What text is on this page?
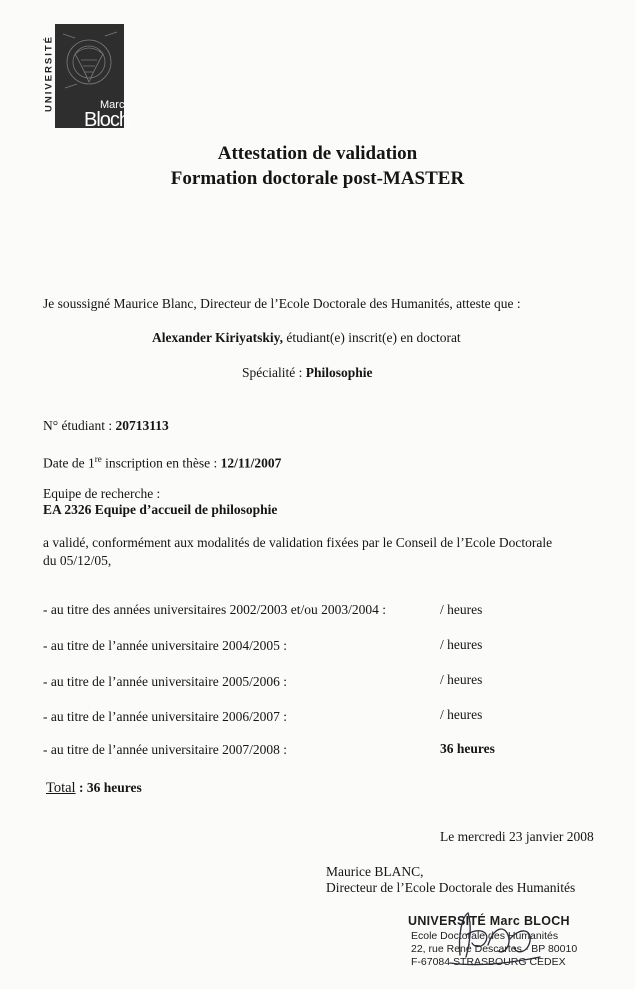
UNIVERSITÉ	Marc
Bloch
Attestation de validation
Formation doctorale post-MASTER
Je soussigné Maurice Blanc, Directeur de l’Ecole Doctorale des Humanités, atteste que :
Alexander Kiriyatskiy, étudiant(e) inscrit(e) en doctorat
Spécialité : Philosophie
N° étudiant : 20713113
Date de 1re inscription en thèse : 12/11/2007
Equipe de recherche :
EA 2326 Equipe d’accueil de philosophie
a validé, conformément aux modalités de validation fixées par le Conseil de l’Ecole Doctorale
du 05/12/05,
- au titre des années universitaires 2002/2003 et/ou 2003/2004 :	/ heures
- au titre de l’année universitaire 2004/2005 :	/ heures
- au titre de l’année universitaire 2005/2006 :	/ heures
- au titre de l’année universitaire 2006/2007 :	/ heures
- au titre de l’année universitaire 2007/2008 :	36 heures
Total : 36 heures
Le mercredi 23 janvier 2008
Maurice BLANC,
Directeur de l’Ecole Doctorale des Humanités
UNIVERSITÉ Marc BLOCH
Ecole Doctorale des Humanités
22, rue René Descartes - BP 80010
F-67084 STRASBOURG CEDEX
